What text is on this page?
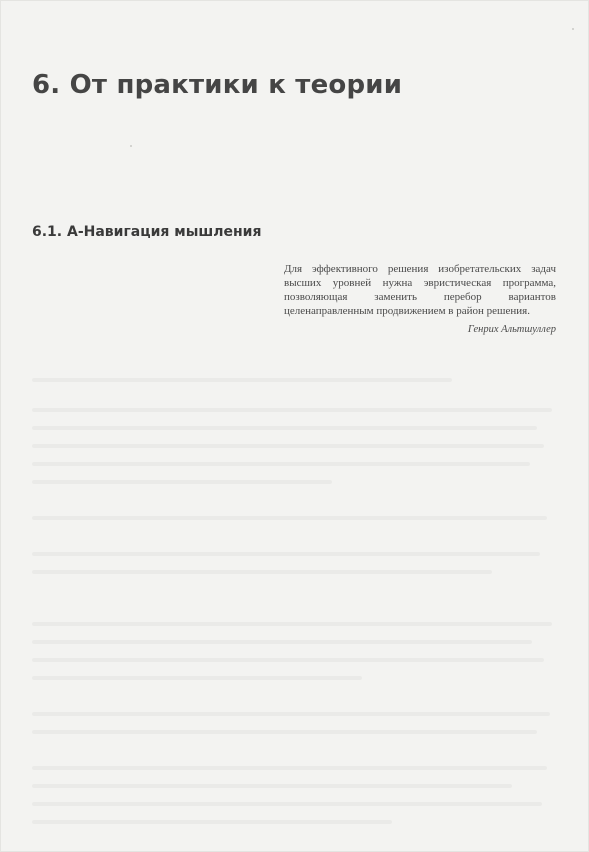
6. От практики к теории
6.1. А-Навигация мышления

Для эффективного решения изобретательских задач высших уровней нужна эвристическая программа, позволяющая заменить перебор вариантов целенаправленным продвижением в район решения.

Генрих Альтшуллер
